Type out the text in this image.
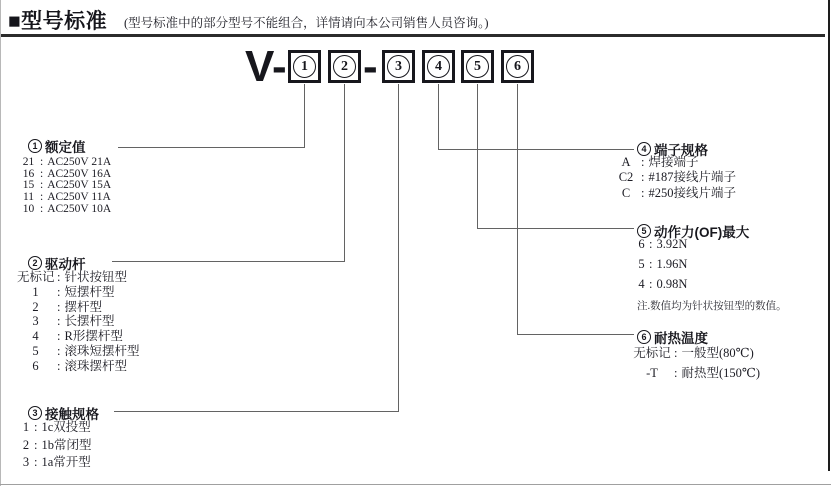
■型号标准 (型号标准中的部分型号不能组合，详情请向本公司销售人员咨询。)
V
-	1	2 -	3	4	5	6
1 额定值
21 : AC250V 21A
16 : AC250V 16A
15 : AC250V 15A
11 : AC250V 11A
10 : AC250V 10A
2 驱动杆
无标记 : 针状按钮型
1	: 短摆杆型
2	: 摆杆型
3	: 长摆杆型
4	: R形摆杆型
5	: 滚珠短摆杆型
6	: 滚珠摆杆型
3 接触规格
1 : 1c双投型
2 : 1b常闭型
3 : 1a常开型
4 端子规格
A : 焊接端子
C2 : #187接线片端子
C : #250接线片端子
5 动作力(OF)最大
6 : 3.92N
5 : 1.96N
4 : 0.98N
注.数值均为针状按钮型的数值。
6 耐热温度
无标记 : 一般型(80℃)
-T	: 耐热型(150℃)
